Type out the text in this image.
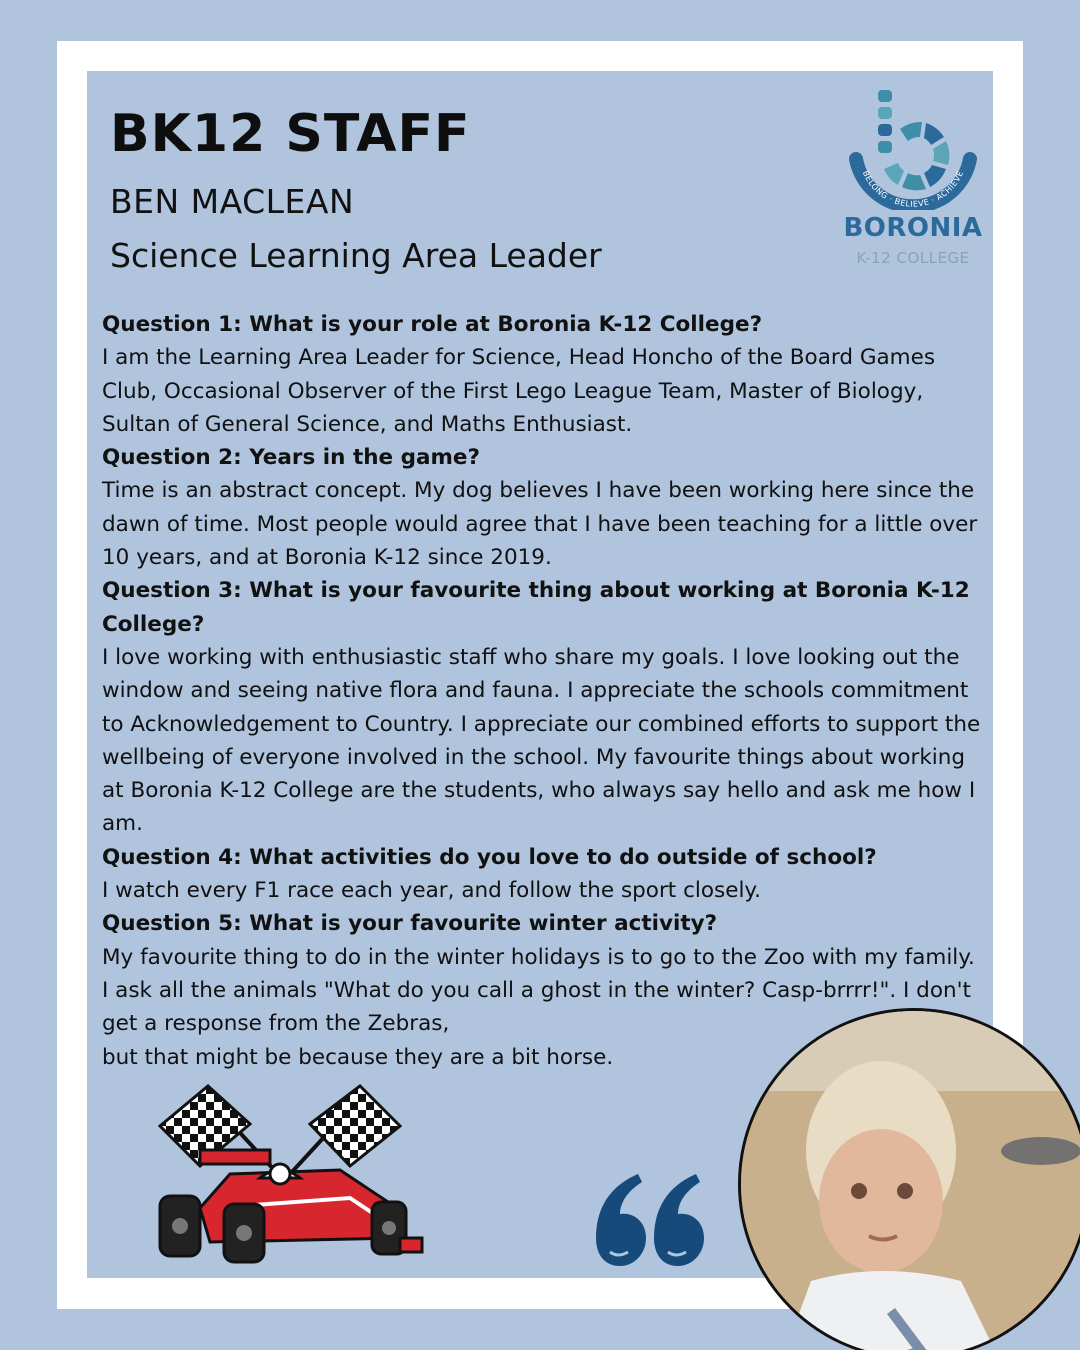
BK12 STAFF
BEN MACLEAN
Science Learning Area Leader
BELONG · BELIEVE · ACHIEVE
BORONIA
K-12 COLLEGE
Question 1: What is your role at Boronia K-12 College?
I am the Learning Area Leader for Science, Head Honcho of the Board Games Club, Occasional Observer of the First Lego League Team, Master of Biology, Sultan of General Science, and Maths Enthusiast.
Question 2: Years in the game?
Time is an abstract concept. My dog believes I have been working here since the dawn of time. Most people would agree that I have been teaching for a little over 10 years, and at Boronia K-12 since 2019.
Question 3: What is your favourite thing about working at Boronia K-12 College?
I love working with enthusiastic staff who share my goals. I love looking out the window and seeing native flora and fauna. I appreciate the schools commitment to Acknowledgement to Country. I appreciate our combined efforts to support the wellbeing of everyone involved in the school. My favourite things about working at Boronia K-12 College are the students, who always say hello and ask me how I am.
Question 4: What activities do you love to do outside of school?
I watch every F1 race each year, and follow the sport closely.
Question 5: What is your favourite winter activity?
My favourite thing to do in the winter holidays is to go to the Zoo with my family. I ask all the animals "What do you call a ghost in the winter? Casp-brrrr!". I don't get a response from the Zebras,
but that might be because they are a bit horse.
